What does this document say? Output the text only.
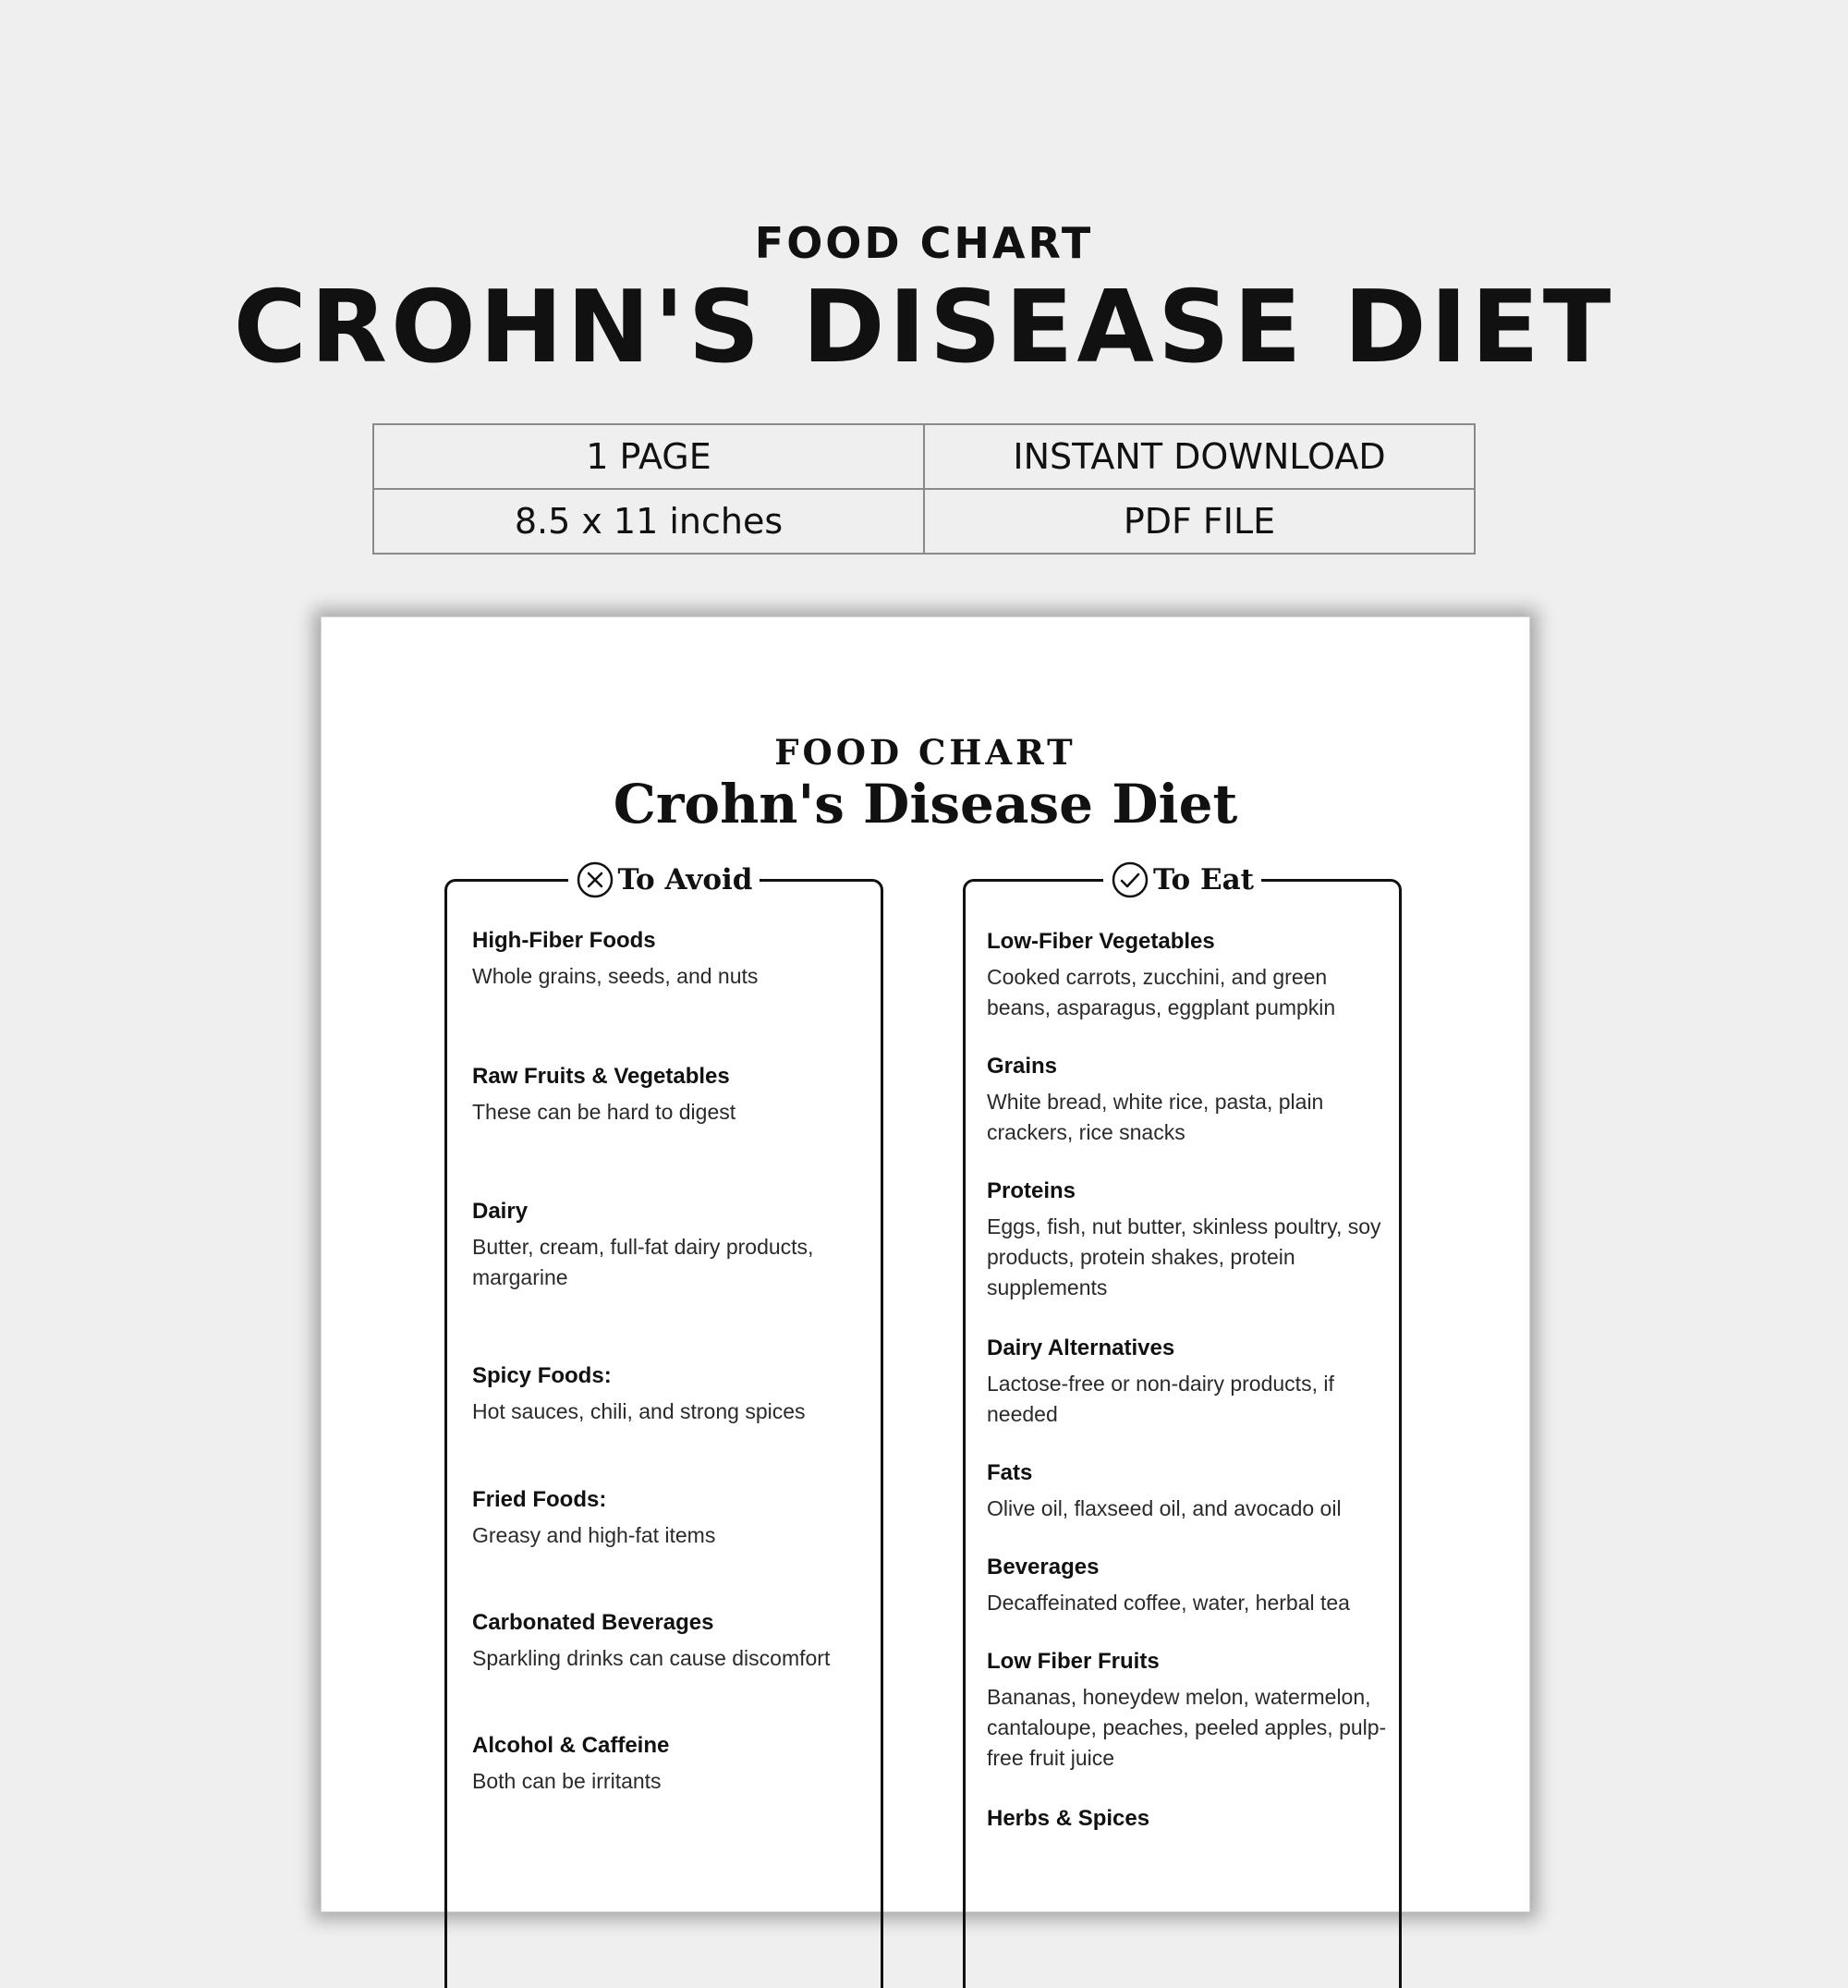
FOOD CHART
CROHN'S DISEASE DIET
1 PAGE	INSTANT DOWNLOAD
8.5 x 11 inches	PDF FILE
FOOD CHART
Crohn's Disease Diet
To Avoid
High-Fiber Foods
Whole grains, seeds, and nuts
Raw Fruits & Vegetables
These can be hard to digest
Dairy
Butter, cream, full-fat dairy products, margarine
Spicy Foods:
Hot sauces, chili, and strong spices
Fried Foods:
Greasy and high-fat items
Carbonated Beverages
Sparkling drinks can cause discomfort
Alcohol & Caffeine
Both can be irritants
To Eat
Low-Fiber Vegetables
Cooked carrots, zucchini, and green beans, asparagus, eggplant pumpkin
Grains
White bread, white rice, pasta, plain crackers, rice snacks
Proteins
Eggs, fish, nut butter, skinless poultry, soy products, protein shakes, protein supplements
Dairy Alternatives
Lactose-free or non-dairy products, if needed
Fats
Olive oil, flaxseed oil, and avocado oil
Beverages
Decaffeinated coffee, water, herbal tea
Low Fiber Fruits
Bananas, honeydew melon, watermelon, cantaloupe, peaches, peeled apples, pulp-free fruit juice
Herbs & Spices
